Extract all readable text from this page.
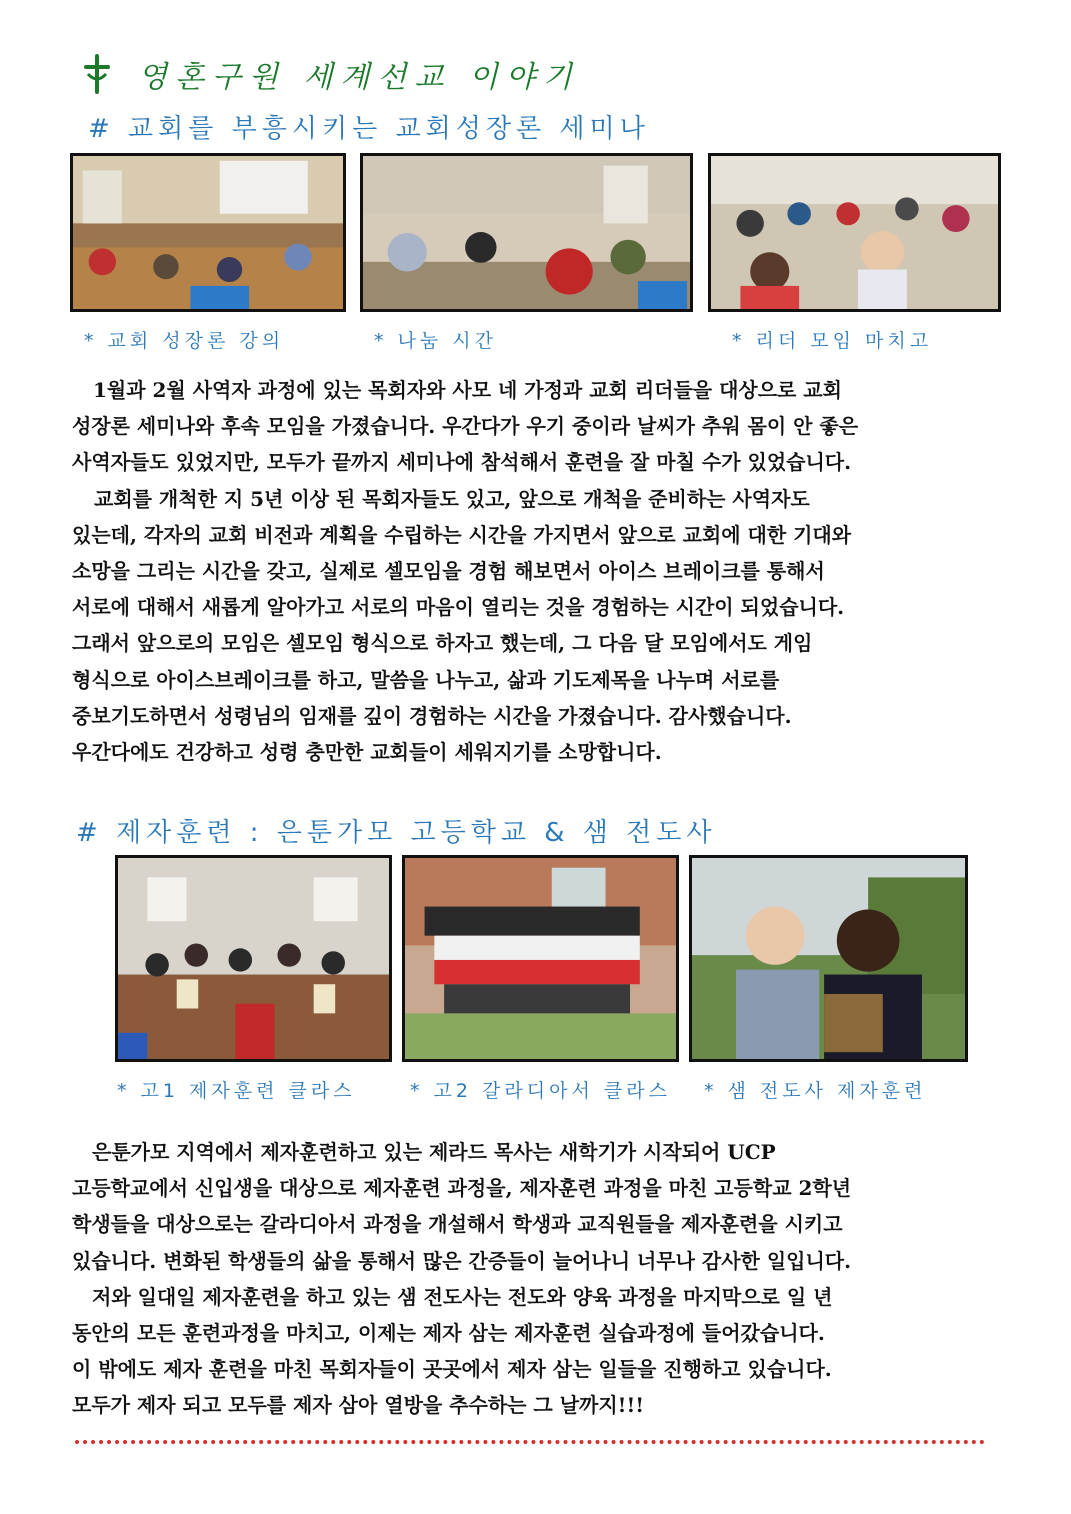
영혼구원 세계선교 이야기
# 교회를 부흥시키는 교회성장론 세미나
* 교회 성장론 강의	* 나눔 시간	* 리더 모임 마치고

1월과 2월 사역자 과정에 있는 목회자와 사모 네 가정과 교회 리더들을 대상으로 교회

성장론 세미나와 후속 모임을 가졌습니다. 우간다가 우기 중이라 날씨가 추워 몸이 안 좋은

사역자들도 있었지만, 모두가 끝까지 세미나에 참석해서 훈련을 잘 마칠 수가 있었습니다.

교회를 개척한 지 5년 이상 된 목회자들도 있고, 앞으로 개척을 준비하는 사역자도

있는데, 각자의 교회 비전과 계획을 수립하는 시간을 가지면서 앞으로 교회에 대한 기대와

소망을 그리는 시간을 갖고, 실제로 셀모임을 경험 해보면서 아이스 브레이크를 통해서

서로에 대해서 새롭게 알아가고 서로의 마음이 열리는 것을 경험하는 시간이 되었습니다.

그래서 앞으로의 모임은 셀모임 형식으로 하자고 했는데, 그 다음 달 모임에서도 게임

형식으로 아이스브레이크를 하고, 말씀을 나누고, 삶과 기도제목을 나누며 서로를

중보기도하면서 성령님의 임재를 깊이 경험하는 시간을 가졌습니다. 감사했습니다.

우간다에도 건강하고 성령 충만한 교회들이 세워지기를 소망합니다.

# 제자훈련 : 은툰가모 고등학교 & 샘 전도사
* 고1 제자훈련 클라스	* 고2 갈라디아서 클라스 * 샘 전도사 제자훈련

은툰가모 지역에서 제자훈련하고 있는 제라드 목사는 새학기가 시작되어 UCP

고등학교에서 신입생을 대상으로 제자훈련 과정을, 제자훈련 과정을 마친 고등학교 2학년

학생들을 대상으로는 갈라디아서 과정을 개설해서 학생과 교직원들을 제자훈련을 시키고

있습니다. 변화된 학생들의 삶을 통해서 많은 간증들이 늘어나니 너무나 감사한 일입니다.

저와 일대일 제자훈련을 하고 있는 샘 전도사는 전도와 양육 과정을 마지막으로 일 년

동안의 모든 훈련과정을 마치고, 이제는 제자 삼는 제자훈련 실습과정에 들어갔습니다.

이 밖에도 제자 훈련을 마친 목회자들이 곳곳에서 제자 삼는 일들을 진행하고 있습니다.

모두가 제자 되고 모두를 제자 삼아 열방을 추수하는 그 날까지!!!
